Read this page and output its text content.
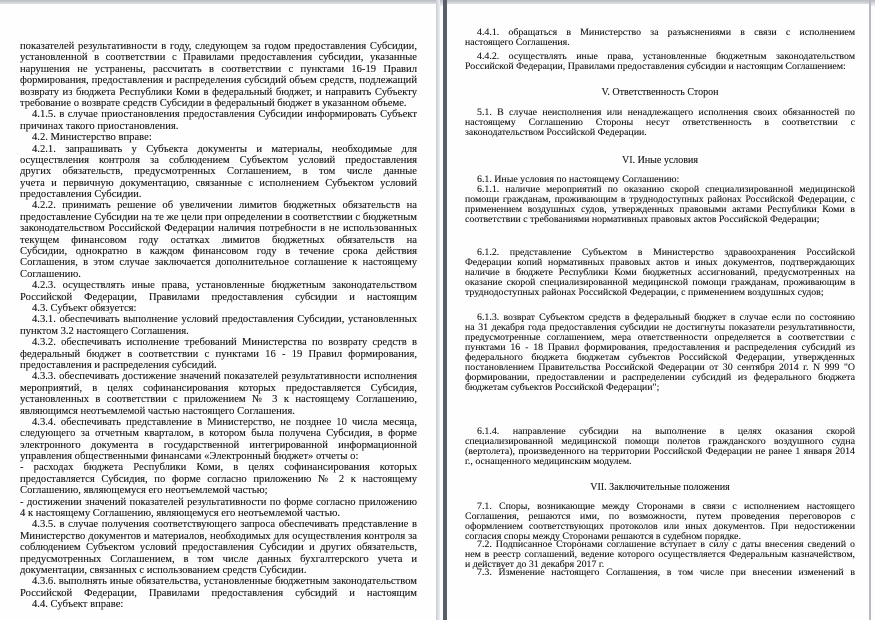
показателей результативности в году, следующем за годом предоставления Субсидии,
установленной в соответствии с Правилами предоставления субсидии, указанные
нарушения не устранены, рассчитать в соответствии с пунктами 16-19 Правил
формирования, предоставления и распределения субсидий объем средств, подлежащий
возврату из бюджета Республики Коми в федеральный бюджет, и направить Субъекту
требование о возврате средств Субсидии в федеральный бюджет в указанном объеме.
4.1.5. в случае приостановления предоставления Субсидии информировать Субъект
причинах такого приостановления.
4.2. Министерство вправе:
4.2.1. запрашивать у Субъекта документы и материалы, необходимые для
осуществления контроля за соблюдением Субъектом условий предоставления
других обязательств, предусмотренных Соглашением, в том числе данные
учета и первичную документацию, связанные с исполнением Субъектом условий
предоставления Субсидии.
4.2.2. принимать решение об увеличении лимитов бюджетных обязательств на
предоставление Субсидии на те же цели при определении в соответствии с бюджетным
законодательством Российской Федерации наличия потребности в не использованных
текущем финансовом году остатках лимитов бюджетных обязательств на
Субсидии, однократно в каждом финансовом году в течение срока действия
Соглашения, в этом случае заключается дополнительное соглашение к настоящему
Соглашению.
4.2.3. осуществлять иные права, установленные бюджетным законодательством
Российской Федерации, Правилами предоставления субсидии и настоящим
4.3. Субъект обязуется:
4.3.1. обеспечивать выполнение условий предоставления Субсидии, установленных
пунктом 3.2 настоящего Соглашения.
4.3.2. обеспечивать исполнение требований Министерства по возврату средств в
федеральный бюджет в соответствии с пунктами 16 - 19 Правил формирования,
предоставления и распределения субсидий.
4.3.3. обеспечивать достижение значений показателей результативности исполнения
мероприятий, в целях софинансирования которых предоставляется Субсидия,
установленных в соответствии с приложением № 3 к настоящему Соглашению,
являющимся неотъемлемой частью настоящего Соглашения.
4.3.4. обеспечивать представление в Министерство, не позднее 10 числа месяца,
следующего за отчетным кварталом, в котором была получена Субсидия, в форме
электронного документа в государственной интегрированной информационной
управления общественными финансами «Электронный бюджет» отчеты о:
- расходах бюджета Республики Коми, в целях софинансирования которых
предоставляется Субсидия, по форме согласно приложению № 2 к настоящему
Соглашению, являющемуся его неотъемлемой частью;
- достижении значений показателей результативности по форме согласно приложению
4 к настоящему Соглашению, являющемуся его неотъемлемой частью.
4.3.5. в случае получения соответствующего запроса обеспечивать представление в
Министерство документов и материалов, необходимых для осуществления контроля за
соблюдением Субъектом условий предоставления Субсидии и других обязательств,
предусмотренных Соглашением, в том числе данных бухгалтерского учета и
документации, связанных с использованием средств Субсидии.
4.3.6. выполнять иные обязательства, установленные бюджетным законодательством
Российской Федерации, Правилами предоставления субсидий и настоящим
4.4. Субъект вправе:
4.4.1. обращаться в Министерство за разъяснениями в связи с исполнением
настоящего Соглашения.
4.4.2. осуществлять иные права, установленные бюджетным законодательством
Российской Федерации, Правилами предоставления субсидии и настоящим Соглашением:
V. Ответственность Сторон
5.1. В случае неисполнения или ненадлежащего исполнения своих обязанностей по
настоящему Соглашению Стороны несут ответственность в соответствии с
законодательством Российской Федерации.
VI. Иные условия
6.1. Иные условия по настоящему Соглашению:
6.1.1. наличие мероприятий по оказанию скорой специализированной медицинской
помощи гражданам, проживающим в труднодоступных районах Российской Федерации, с
применением воздушных судов, утвержденных правовыми актами Республики Коми в
соответствии с требованиями нормативных правовых актов Российской Федерации;
6.1.2. представление Субъектом в Министерство здравоохранения Российской
Федерации копий нормативных правовых актов и иных документов, подтверждающих
наличие в бюджете Республики Коми бюджетных ассигнований, предусмотренных на
оказание скорой специализированной медицинской помощи гражданам, проживающим в
труднодоступных районах Российской Федерации, с применением воздушных судов;
6.1.3. возврат Субъектом средств в федеральный бюджет в случае если по состоянию
на 31 декабря года предоставления субсидии не достигнуты показатели результативности,
предусмотренные соглашением, мера ответственности определяется в соответствии с
пунктами 16 - 18 Правил формирования, предоставления и распределения субсидий из
федерального бюджета бюджетам субъектов Российской Федерации, утвержденных
постановлением Правительства Российской Федерации от 30 сентября 2014 г. N 999 "О
формировании, предоставлении и распределении субсидий из федерального бюджета
бюджетам субъектов Российской Федерации";
6.1.4. направление субсидии на выполнение в целях оказания скорой
специализированной медицинской помощи полетов гражданского воздушного судна
(вертолета), произведенного на территории Российской Федерации не ранее 1 января 2014
г., оснащенного медицинским модулем.
VII. Заключительные положения
7.1. Споры, возникающие между Сторонами в связи с исполнением настоящего
Соглашения, решаются ими, по возможности, путем проведения переговоров с
оформлением соответствующих протоколов или иных документов. При недостижении
согласия споры между Сторонами решаются в судебном порядке.
7.2. Подписанное Сторонами соглашение вступает в силу с даты внесения сведений о
нем в реестр соглашений, ведение которого осуществляется Федеральным казначейством,
и действует до 31 декабря 2017 г.
7.3. Изменение настоящего Соглашения, в том числе при внесении изменений в
